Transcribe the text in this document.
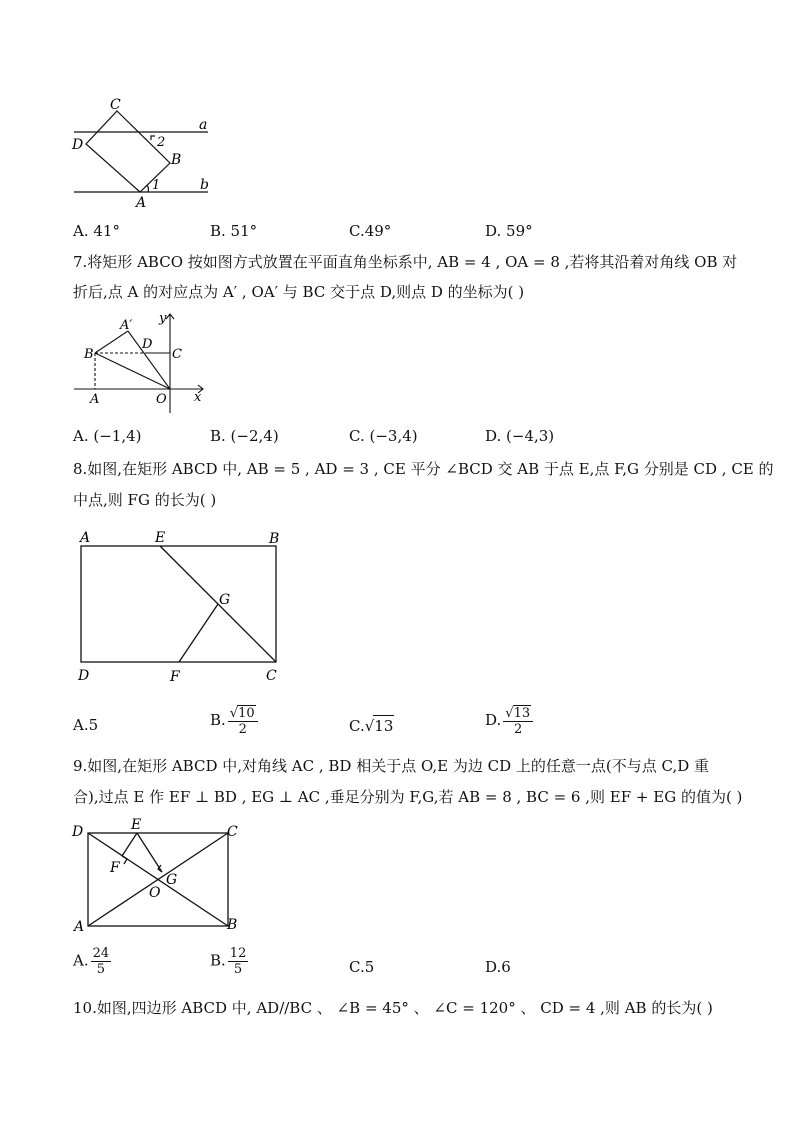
C
a
D	2
B
1	b
A
A. 41°	B. 51°	C.49°	D. 59°
7.将矩形 ABCO 按如图方式放置在平面直角坐标系中, AB = 4 , OA = 8 ,若将其沿着对角线 OB 对
折后,点 A 的对应点为 A′ , OA′ 与 BC 交于点 D,则点 D 的坐标为( )
A′ y
B
D
C
A	O x
A. (−1,4)	B. (−2,4)	C. (−3,4)	D. (−4,3)
8.如图,在矩形 ABCD 中, AB = 5 , AD = 3 , CE 平分 ∠BCD 交 AB 于点 E,点 F,G 分别是 CD , CE 的
中点,则 FG 的长为( )
A	E	B
G
D	F	C
A.5	B. $\frac{√10}{2}$	C.√13	D. $\frac{√13}{2}$
9.如图,在矩形 ABCD 中,对角线 AC , BD 相关于点 O,E 为边 CD 上的任意一点(不与点 C,D 重
合),过点 E 作 EF ⊥ BD , EG ⊥ AC ,垂足分别为 F,G,若 AB = 8 , BC = 6 ,则 EF + EG 的值为( )
D	E	C
F
G
O
A	B
A. $\frac{24}{5}$	B. $\frac{12}{5}$	C.5	D.6
10.如图,四边形 ABCD 中, AD//BC 、 ∠B = 45° 、 ∠C = 120° 、 CD = 4 ,则 AB 的长为( )
